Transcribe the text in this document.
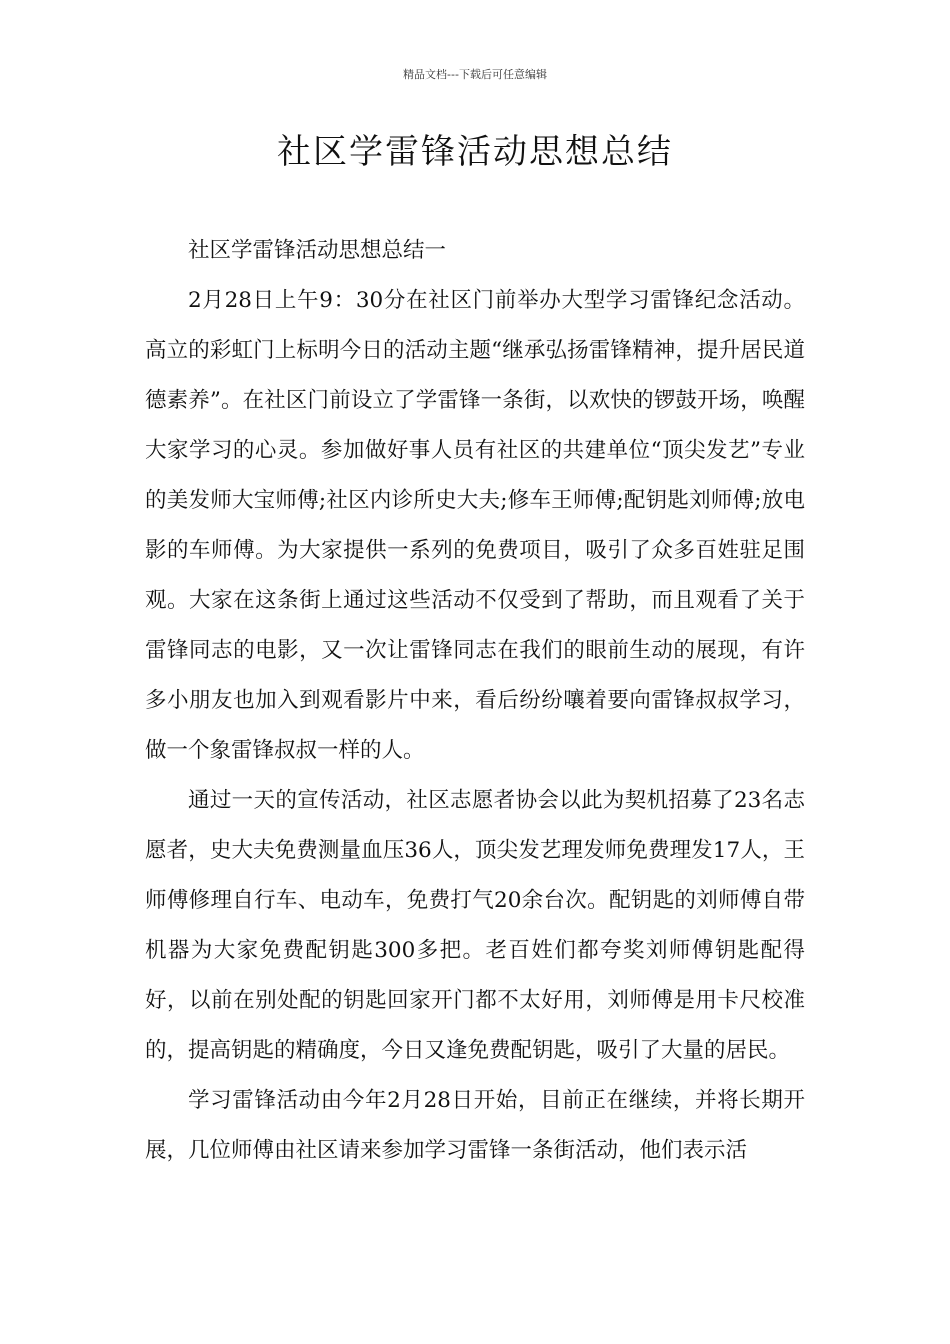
精品文档---下载后可任意编辑
社区学雷锋活动思想总结

社区学雷锋活动思想总结一

2月28日上午9：30分在社区门前举办大型学习雷锋纪念活动。高立的彩虹门上标明今日的活动主题“继承弘扬雷锋精神，提升居民道德素养”。在社区门前设立了学雷锋一条街，以欢快的锣鼓开场，唤醒大家学习的心灵。参加做好事人员有社区的共建单位“顶尖发艺”专业的美发师大宝师傅;社区内诊所史大夫;修车王师傅;配钥匙刘师傅;放电影的车师傅。为大家提供一系列的免费项目，吸引了众多百姓驻足围观。大家在这条街上通过这些活动不仅受到了帮助，而且观看了关于雷锋同志的电影，又一次让雷锋同志在我们的眼前生动的展现，有许多小朋友也加入到观看影片中来，看后纷纷嚷着要向雷锋叔叔学习，做一个象雷锋叔叔一样的人。

通过一天的宣传活动，社区志愿者协会以此为契机招募了23名志愿者，史大夫免费测量血压36人，顶尖发艺理发师免费理发17人，王师傅修理自行车、电动车，免费打气20余台次。配钥匙的刘师傅自带机器为大家免费配钥匙300多把。老百姓们都夸奖刘师傅钥匙配得好，以前在别处配的钥匙回家开门都不太好用，刘师傅是用卡尺校准的，提高钥匙的精确度，今日又逢免费配钥匙，吸引了大量的居民。

学习雷锋活动由今年2月28日开始，目前正在继续，并将长期开展，几位师傅由社区请来参加学习雷锋一条街活动，他们表示活
